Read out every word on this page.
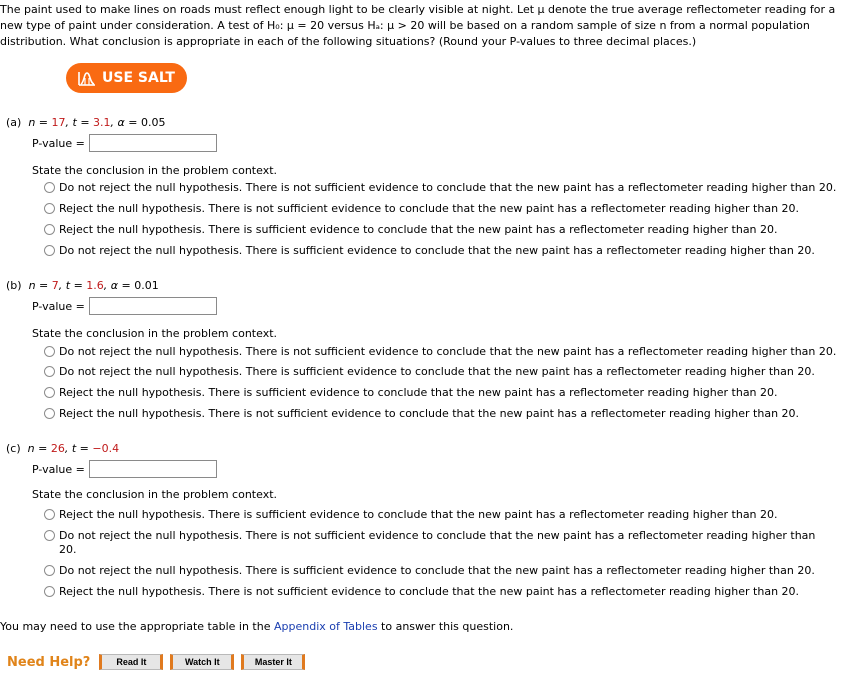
The paint used to make lines on roads must reflect enough light to be clearly visible at night. Let μ denote the true average reflectometer reading for a
new type of paint under consideration. A test of H₀: μ = 20 versus Hₐ: μ > 20 will be based on a random sample of size n from a normal population
distribution. What conclusion is appropriate in each of the following situations? (Round your P-values to three decimal places.)
USE SALT
(a) n = 17, t = 3.1, α = 0.05
P-value =
State the conclusion in the problem context.
Do not reject the null hypothesis. There is not sufficient evidence to conclude that the new paint has a reflectometer reading higher than 20.
Reject the null hypothesis. There is not sufficient evidence to conclude that the new paint has a reflectometer reading higher than 20.
Reject the null hypothesis. There is sufficient evidence to conclude that the new paint has a reflectometer reading higher than 20.
Do not reject the null hypothesis. There is sufficient evidence to conclude that the new paint has a reflectometer reading higher than 20.
(b) n = 7, t = 1.6, α = 0.01
P-value =
State the conclusion in the problem context.
Do not reject the null hypothesis. There is not sufficient evidence to conclude that the new paint has a reflectometer reading higher than 20.
Do not reject the null hypothesis. There is sufficient evidence to conclude that the new paint has a reflectometer reading higher than 20.
Reject the null hypothesis. There is sufficient evidence to conclude that the new paint has a reflectometer reading higher than 20.
Reject the null hypothesis. There is not sufficient evidence to conclude that the new paint has a reflectometer reading higher than 20.
(c) n = 26, t = −0.4
P-value =
State the conclusion in the problem context.
Reject the null hypothesis. There is sufficient evidence to conclude that the new paint has a reflectometer reading higher than 20.
Do not reject the null hypothesis. There is not sufficient evidence to conclude that the new paint has a reflectometer reading higher than 20.
Do not reject the null hypothesis. There is sufficient evidence to conclude that the new paint has a reflectometer reading higher than 20.
Reject the null hypothesis. There is not sufficient evidence to conclude that the new paint has a reflectometer reading higher than 20.
You may need to use the appropriate table in the Appendix of Tables to answer this question.
Need Help?	Read It	Watch It	Master It
